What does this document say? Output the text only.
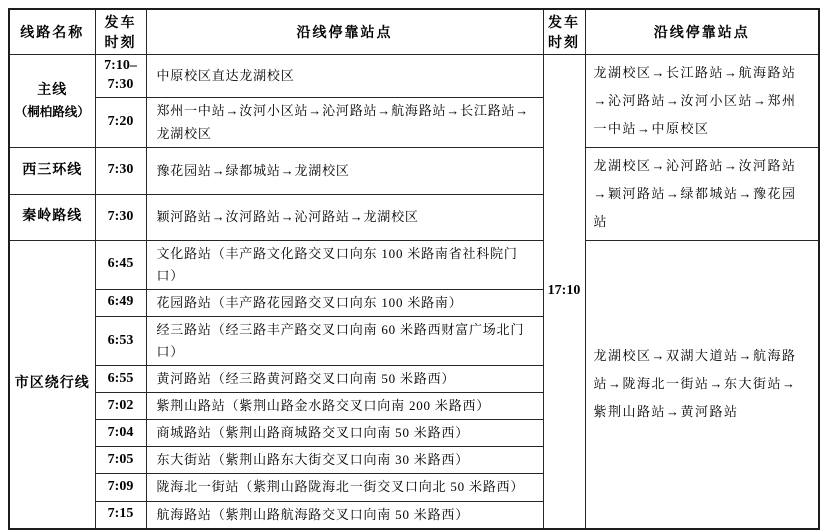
线路名称	发车时刻	沿线停靠站点	发车时刻	沿线停靠站点
主线
（桐柏路线）	7:10–7:30	中原校区直达龙湖校区	17:10	龙湖校区→长江路站→航海路站→沁河路站→汝河小区站→郑州一中站→中原校区
	7:20	郑州一中站→汝河小区站→沁河路站→航海路站→长江路站→龙湖校区		
西三环线	7:30	豫花园站→绿都城站→龙湖校区		龙湖校区→沁河路站→汝河路站→颖河路站→绿都城站→豫花园站
秦岭路线	7:30	颖河路站→汝河路站→沁河路站→龙湖校区		
市区绕行线	6:45	文化路站（丰产路文化路交叉口向东 100 米路南省社科院门口）		龙湖校区→双湖大道站→航海路站→陇海北一街站→东大街站→紫荆山路站→黄河路站
	6:49	花园路站（丰产路花园路交叉口向东 100 米路南）		
	6:53	经三路站（经三路丰产路交叉口向南 60 米路西财富广场北门口）		
	6:55	黄河路站（经三路黄河路交叉口向南 50 米路西）		
	7:02	紫荆山路站（紫荆山路金水路交叉口向南 200 米路西）		
	7:04	商城路站（紫荆山路商城路交叉口向南 50 米路西）		
	7:05	东大街站（紫荆山路东大街交叉口向南 30 米路西）		
	7:09	陇海北一街站（紫荆山路陇海北一街交叉口向北 50 米路西）		
	7:15	航海路站（紫荆山路航海路交叉口向南 50 米路西）		
